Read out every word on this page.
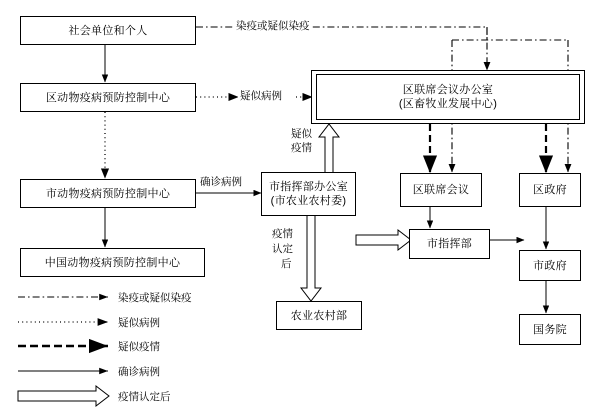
社会单位和个人
区动物疫病预防控制中心
市动物疫病预防控制中心
中国动物疫病预防控制中心
区联席会议办公室
(区畜牧业发展中心)
市指挥部办公室
(市农业农村委)
区联席会议	区政府
市指挥部
市政府
农业农村部
国务院
染疫或疑似染疫
疑似病例
疑似
疫情
确诊病例
疫情
认定
后
染疫或疑似染疫
疑似病例
疑似疫情
确诊病例
疫情认定后
